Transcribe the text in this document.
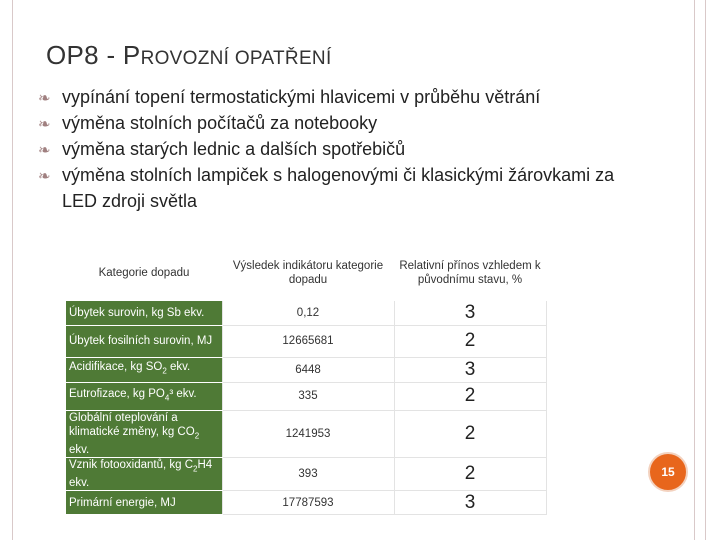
OP8 - PROVOZNÍ OPATŘENÍ
❧ vypínání topení termostatickými hlavicemi v průběhu větrání
❧ výměna stolních počítačů za notebooky
❧ výměna starých lednic a dalších spotřebičů
❧ výměna stolních lampiček s halogenovými či klasickými žárovkami za LED zdroji světla
Kategorie dopadu	Výsledek indikátoru kategorie dopadu	Relativní přínos vzhledem k původnímu stavu, %
Úbytek surovin, kg Sb ekv.	0,12	3
Úbytek fosilních surovin, MJ	12665681	2
Acidifikace, kg $SO_2$ ekv.	6448	3
Eutrofizace, kg $PO_4^3$ ekv.	335	2
Globální oteplování a klimatické změny, kg $CO_2$ ekv.	1241953	2
Vznik fotooxidantů, kg $C_2H4$ ekv.	393	2
Primární energie, MJ	17787593	3
15
